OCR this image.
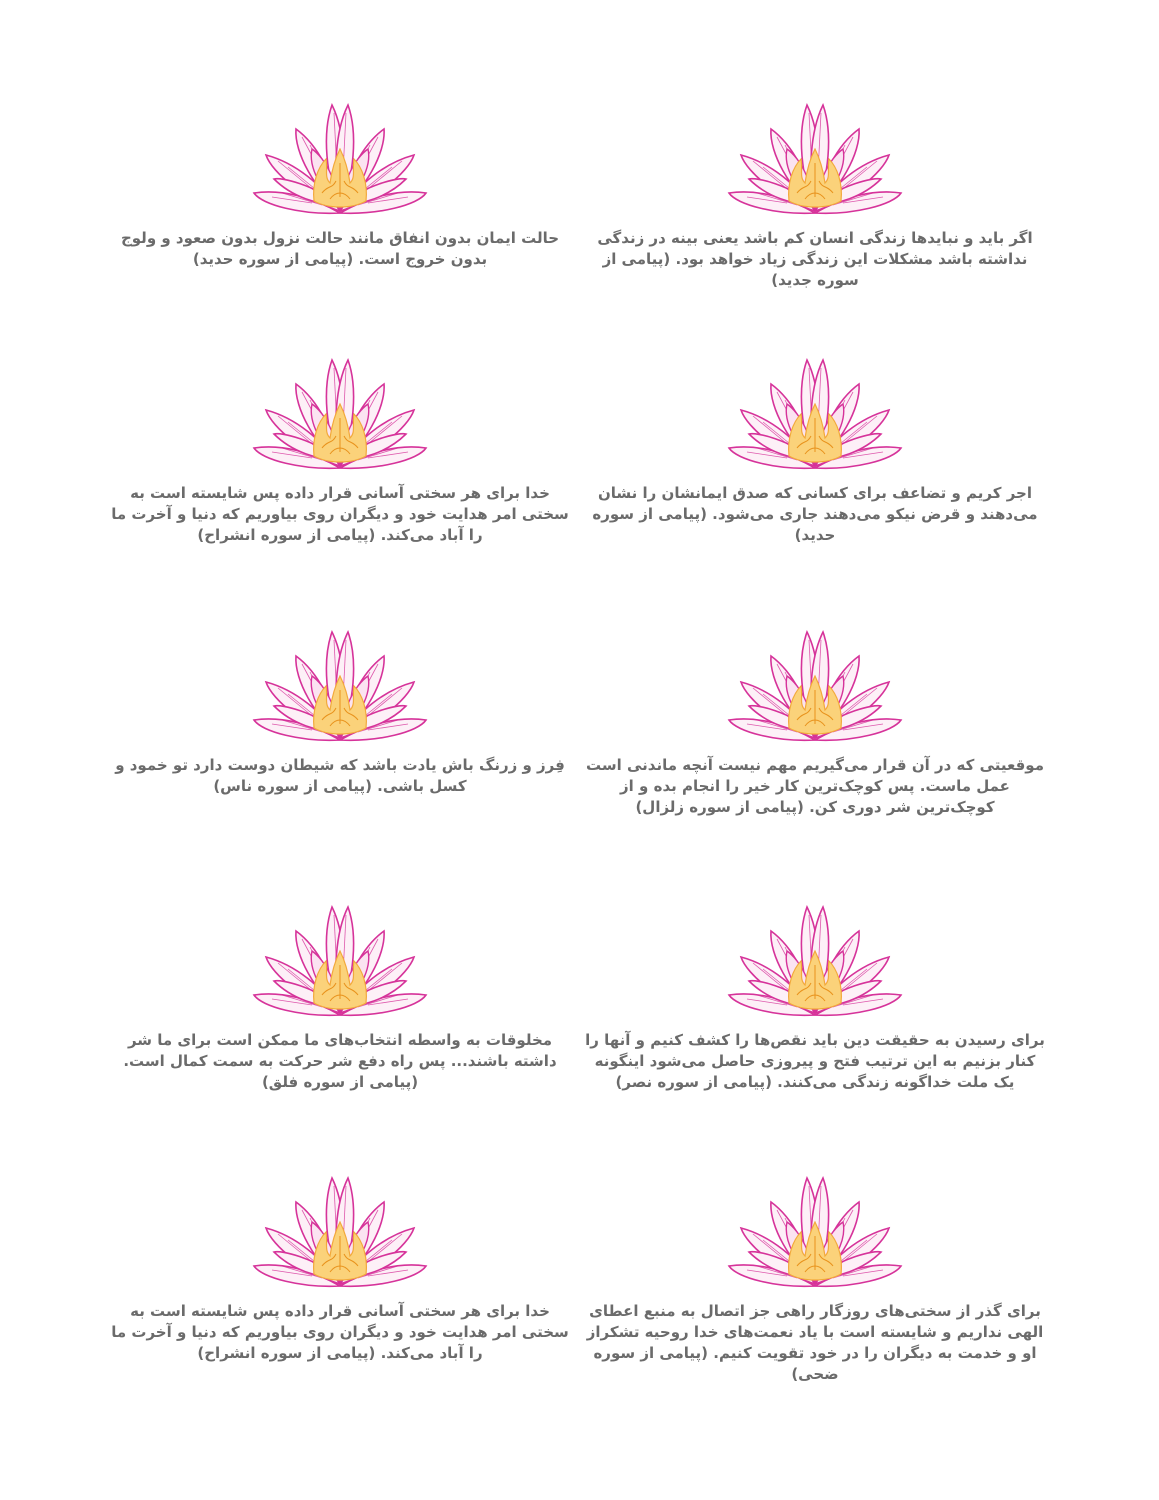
اگر باید و نبایدها زندگی انسان کم باشد یعنی بینه در زندگی نداشته باشد مشکلات این زندگی زیاد خواهد بود. (پیامی از سوره جدید)
حالت ایمان بدون انفاق مانند حالت نزول بدون صعود و ولوج بدون خروج است. (پیامی از سوره حدید)
اجر کریم و تضاعف برای کسانی که صدق ایمانشان را نشان می‌دهند و قرض نیکو می‌دهند جاری می‌شود. (پیامی از سوره حدید)
خدا برای هر سختی آسانی قرار داده پس شایسته است به سختی امر هدایت خود و دیگران روی بیاوریم که دنیا و آخرت ما را آباد می‌کند. (پیامی از سوره انشراح)
موقعیتی که در آن قرار می‌گیریم مهم نیست آنچه ماندنی است عمل ماست. پس کوچک‌ترین کار خیر را انجام بده و از کوچک‌ترین شر دوری کن. (پیامی از سوره زلزال)
فِرز و زرنگ باش یادت باشد که شیطان دوست دارد تو خمود و کسل باشی. (پیامی از سوره ناس)
برای رسیدن به حقیقت دین باید نقص‌ها را کشف کنیم و آنها را کنار بزنیم به این ترتیب فتح و پیروزی حاصل می‌شود اینگونه یک ملت خداگونه زندگی می‌کنند. (پیامی از سوره نصر)
مخلوقات به واسطه انتخاب‌های ما ممکن است برای ما شر داشته باشند... پس راه دفع شر حرکت به سمت کمال است. (پیامی از سوره فلق)
برای گذر از سختی‌های روزگار راهی جز اتصال به منبع اعطای الهی نداریم و شایسته است با یاد نعمت‌های خدا روحیه تشکراز او و خدمت به دیگران را در خود تقویت کنیم. (پیامی از سوره ضحی)
خدا برای هر سختی آسانی قرار داده پس شایسته است به سختی امر هدایت خود و دیگران روی بیاوریم که دنیا و آخرت ما را آباد می‌کند. (پیامی از سوره انشراح)
